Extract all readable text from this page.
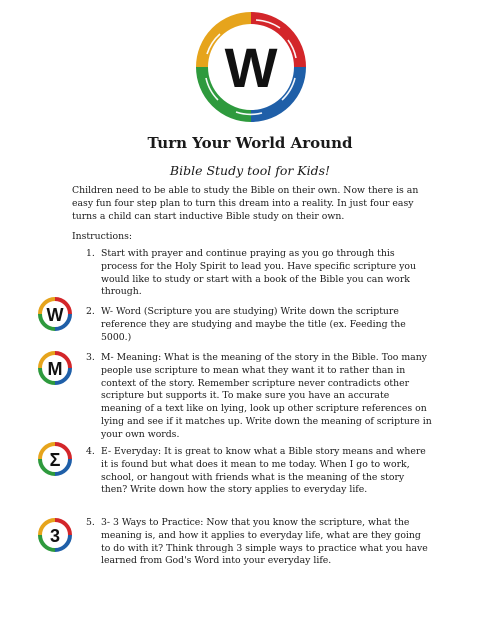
W
Turn Your World Around
Bible Study tool for Kids!
Children need to be able to study the Bible on their own. Now there is an easy fun four step plan to turn this dream into a reality. In just four easy turns a child can start inductive Bible study on their own.
Instructions:
1. Start with prayer and continue praying as you go through this process for the Holy Spirit to lead you. Have specific scripture you would like to study or start with a book of the Bible you can work through.
2. W- Word (Scripture you are studying) Write down the scripture reference they are studying and maybe the title (ex. Feeding the 5000.)
3. M- Meaning: What is the meaning of the story in the Bible. Too many people use scripture to mean what they want it to rather than in context of the story. Remember scripture never contradicts other scripture but supports it. To make sure you have an accurate meaning of a text like on lying, look up other scripture references on lying and see if it matches up. Write down the meaning of scripture in your own words.
4. E- Everyday: It is great to know what a Bible story means and where it is found but what does it mean to me today. When I go to work, school, or hangout with friends what is the meaning of the story then? Write down how the story applies to everyday life.
5. 3- 3 Ways to Practice: Now that you know the scripture, what the meaning is, and how it applies to everyday life, what are they going to do with it? Think through 3 simple ways to practice what you have learned from God's Word into your everyday life.
W
M
Σ
3
